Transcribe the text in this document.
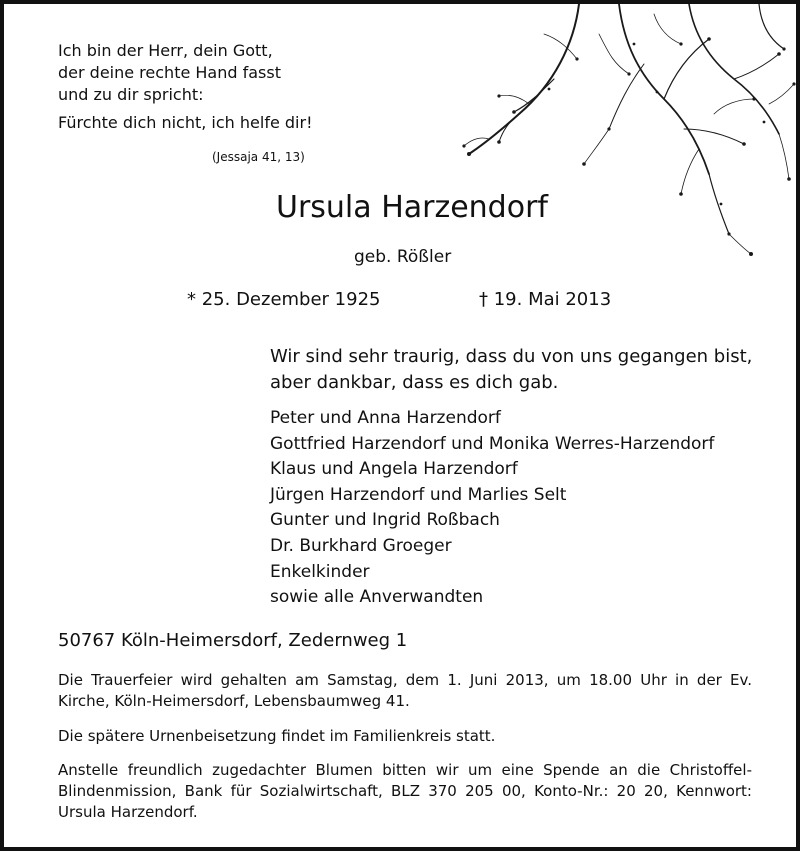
Ich bin der Herr, dein Gott,
der deine rechte Hand fasst
und zu dir spricht:
Fürchte dich nicht, ich helfe dir!
(Jessaja 41, 13)
Ursula Harzendorf
geb. Rößler
* 25. Dezember 1925	† 19. Mai 2013
Wir sind sehr traurig, dass du von uns gegangen bist,
aber dankbar, dass es dich gab.
Peter und Anna Harzendorf
Gottfried Harzendorf und Monika Werres-Harzendorf
Klaus und Angela Harzendorf
Jürgen Harzendorf und Marlies Selt
Gunter und Ingrid Roßbach
Dr. Burkhard Groeger
Enkelkinder
sowie alle Anverwandten
50767 Köln-Heimersdorf, Zedernweg 1
Die Trauerfeier wird gehalten am Samstag, dem 1. Juni 2013, um 18.00 Uhr in der Ev. Kirche, Köln-Heimersdorf, Lebensbaumweg 41.
Die spätere Urnenbeisetzung findet im Familienkreis statt.
Anstelle freundlich zugedachter Blumen bitten wir um eine Spende an die Christoffel-Blindenmission, Bank für Sozialwirtschaft, BLZ 370 205 00, Konto-Nr.: 20 20, Kennwort: Ursula Harzendorf.
